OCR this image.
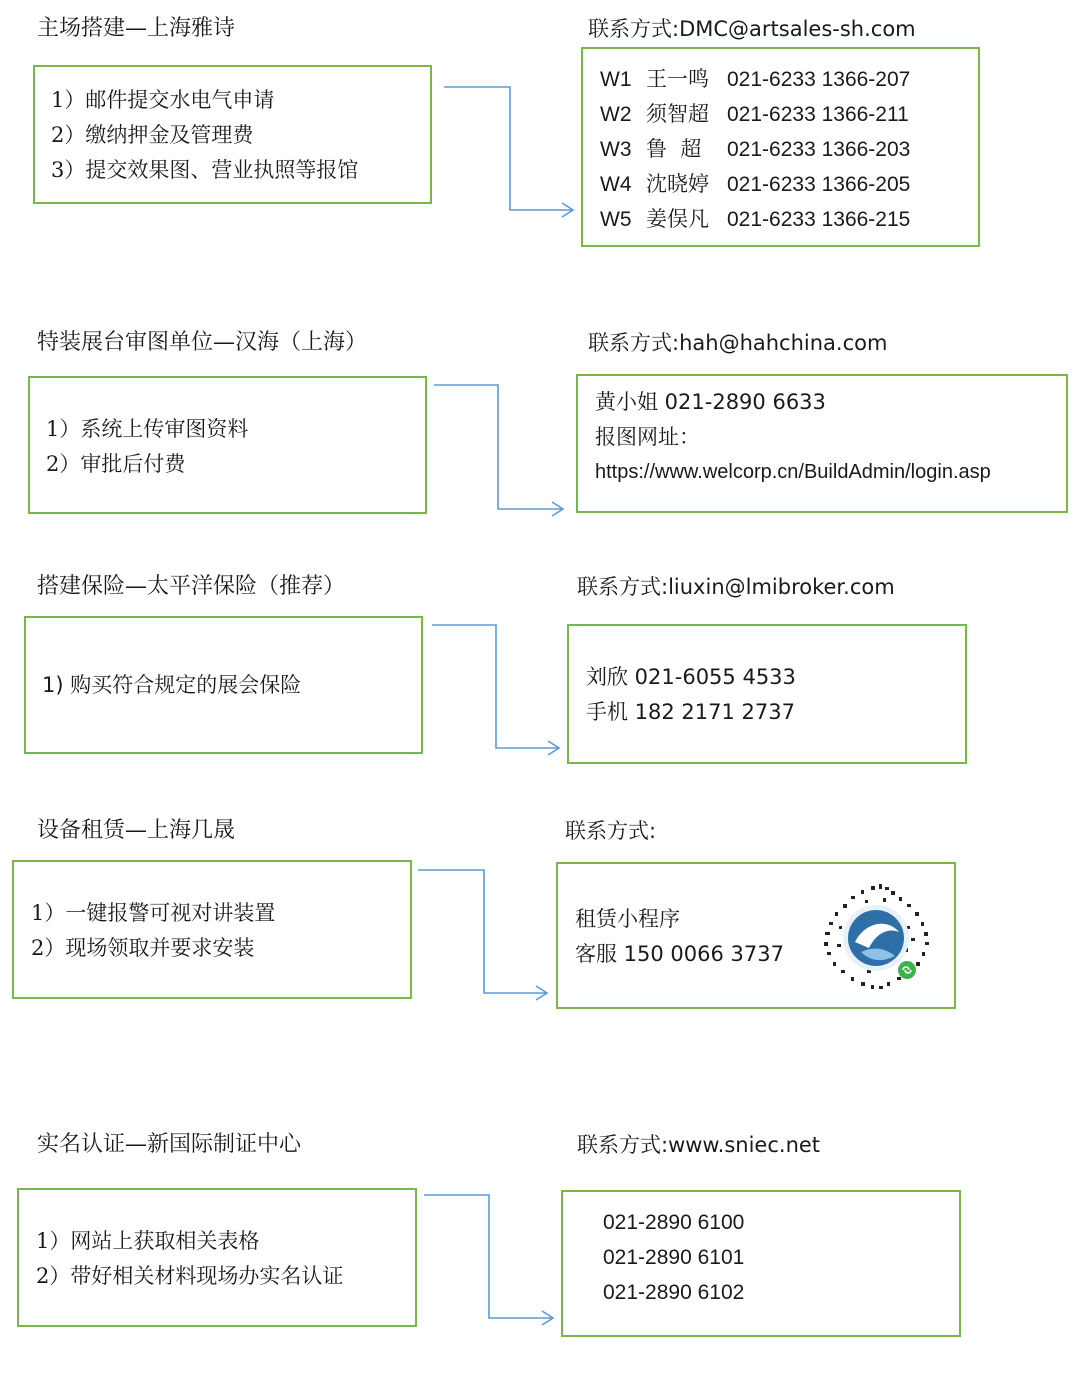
主场搭建—上海雅诗	联系方式:DMC@artsales-sh.com
1）邮件提交水电气申请
2）缴纳押金及管理费
3）提交效果图、营业执照等报馆
W1 王一鸣 021-6233 1366-207
W2 须智超 021-6233 1366-211
W3 鲁  超 021-6233 1366-203
W4 沈晓婷 021-6233 1366-205
W5 姜俣凡 021-6233 1366-215
特装展台审图单位—汉海（上海）	联系方式:hah@hahchina.com
1）系统上传审图资料
2）审批后付费
黄小姐 021-2890 6633
报图网址：
https://www.welcorp.cn/BuildAdmin/login.asp
搭建保险—太平洋保险（推荐）	联系方式:liuxin@lmibroker.com
1) 购买符合规定的展会保险	刘欣 021-6055 4533
手机 182 2171 2737
设备租赁—上海几晟	联系方式:
1）一键报警可视对讲装置
2）现场领取并要求安装
租赁小程序
客服 150 0066 3737
实名认证—新国际制证中心	联系方式:www.sniec.net
1）网站上获取相关表格
2）带好相关材料现场办实名认证
021-2890 6100
021-2890 6101
021-2890 6102
